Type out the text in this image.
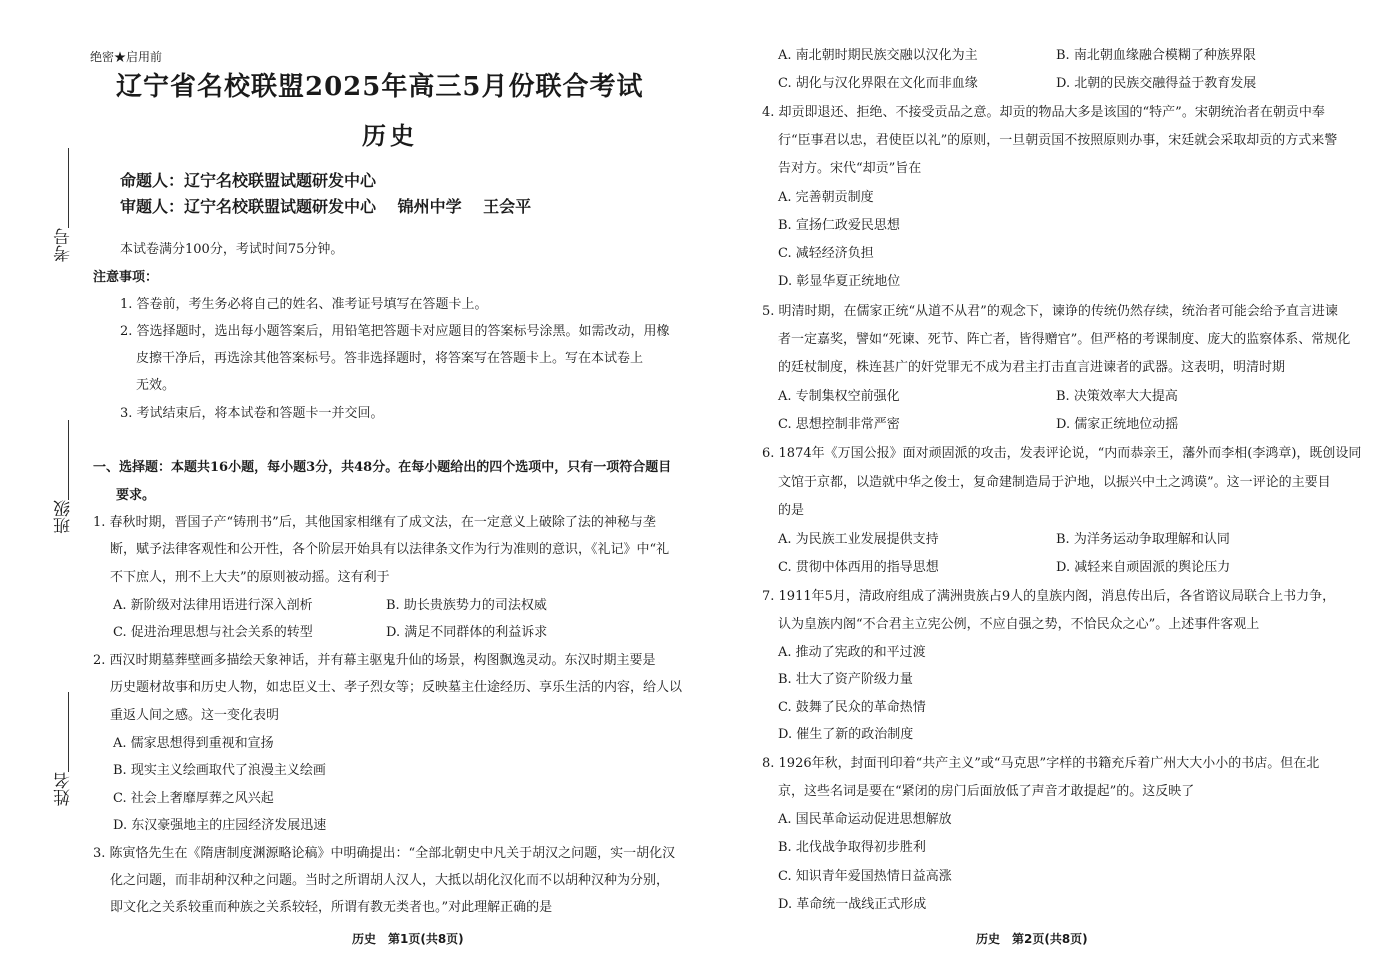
绝密★启用前
辽宁省名校联盟2025年高三5月份联合考试
历史
命题人：辽宁名校联盟试题研发中心
审题人：辽宁名校联盟试题研发中心　 锦州中学　 王会平
考号
班级
姓名
本试卷满分100分，考试时间75分钟。
注意事项：
1. 答卷前，考生务必将自己的姓名、准考证号填写在答题卡上。
2. 答选择题时，选出每小题答案后，用铅笔把答题卡对应题目的答案标号涂黑。如需改动，用橡
皮擦干净后，再选涂其他答案标号。答非选择题时，将答案写在答题卡上。写在本试卷上
无效。
3. 考试结束后，将本试卷和答题卡一并交回。
一、选择题：本题共16小题，每小题3分，共48分。在每小题给出的四个选项中，只有一项符合题目
要求。
1. 春秋时期，晋国子产“铸刑书”后，其他国家相继有了成文法，在一定意义上破除了法的神秘与垄
断，赋予法律客观性和公开性，各个阶层开始具有以法律条文作为行为准则的意识，《礼记》中“礼
不下庶人，刑不上大夫”的原则被动摇。这有利于
A. 新阶级对法律用语进行深入剖析	B. 助长贵族势力的司法权威
C. 促进治理思想与社会关系的转型	D. 满足不同群体的利益诉求
2. 西汉时期墓葬壁画多描绘天象神话，并有幕主驱鬼升仙的场景，构图飘逸灵动。东汉时期主要是
历史题材故事和历史人物，如忠臣义士、孝子烈女等；反映墓主仕途经历、享乐生活的内容，给人以
重返人间之感。这一变化表明
A. 儒家思想得到重视和宣扬
B. 现实主义绘画取代了浪漫主义绘画
C. 社会上奢靡厚葬之风兴起
D. 东汉豪强地主的庄园经济发展迅速
3. 陈寅恪先生在《隋唐制度渊源略论稿》中明确提出：“全部北朝史中凡关于胡汉之问题，实一胡化汉
化之问题，而非胡种汉种之问题。当时之所谓胡人汉人，大抵以胡化汉化而不以胡种汉种为分别，
即文化之关系较重而种族之关系较轻，所谓有教无类者也。”对此理解正确的是
历史　第1页(共8页)
A. 南北朝时期民族交融以汉化为主	B. 南北朝血缘融合模糊了种族界限
C. 胡化与汉化界限在文化而非血缘	D. 北朝的民族交融得益于教育发展
4. 却贡即退还、拒绝、不接受贡品之意。却贡的物品大多是该国的“特产”。宋朝统治者在朝贡中奉
行“臣事君以忠，君使臣以礼”的原则，一旦朝贡国不按照原则办事，宋廷就会采取却贡的方式来警
告对方。宋代“却贡”旨在
A. 完善朝贡制度
B. 宣扬仁政爱民思想
C. 减轻经济负担
D. 彰显华夏正统地位
5. 明清时期，在儒家正统“从道不从君”的观念下，谏诤的传统仍然存续，统治者可能会给予直言进谏
者一定嘉奖，譬如“死谏、死节、阵亡者，皆得赠官”。但严格的考课制度、庞大的监察体系、常规化
的廷杖制度，株连甚广的奸党罪无不成为君主打击直言进谏者的武器。这表明，明清时期
A. 专制集权空前强化	B. 决策效率大大提高
C. 思想控制非常严密	D. 儒家正统地位动摇
6. 1874年《万国公报》面对顽固派的攻击，发表评论说，“内而恭亲王，藩外而李相(李鸿章)，既创设同
文馆于京都，以造就中华之俊士，复命建制造局于沪地，以振兴中土之鸿谟”。这一评论的主要目
的是
A. 为民族工业发展提供支持	B. 为洋务运动争取理解和认同
C. 贯彻中体西用的指导思想	D. 减轻来自顽固派的舆论压力
7. 1911年5月，清政府组成了满洲贵族占9人的皇族内阁，消息传出后，各省谘议局联合上书力争，
认为皇族内阁“不合君主立宪公例，不应自强之势，不恰民众之心”。上述事件客观上
A. 推动了宪政的和平过渡
B. 壮大了资产阶级力量
C. 鼓舞了民众的革命热情
D. 催生了新的政治制度
8. 1926年秋，封面刊印着“共产主义”或“马克思”字样的书籍充斥着广州大大小小的书店。但在北
京，这些名词是要在“紧闭的房门后面放低了声音才敢提起”的。这反映了
A. 国民革命运动促进思想解放
B. 北伐战争取得初步胜利
C. 知识青年爱国热情日益高涨
D. 革命统一战线正式形成
历史　第2页(共8页)
